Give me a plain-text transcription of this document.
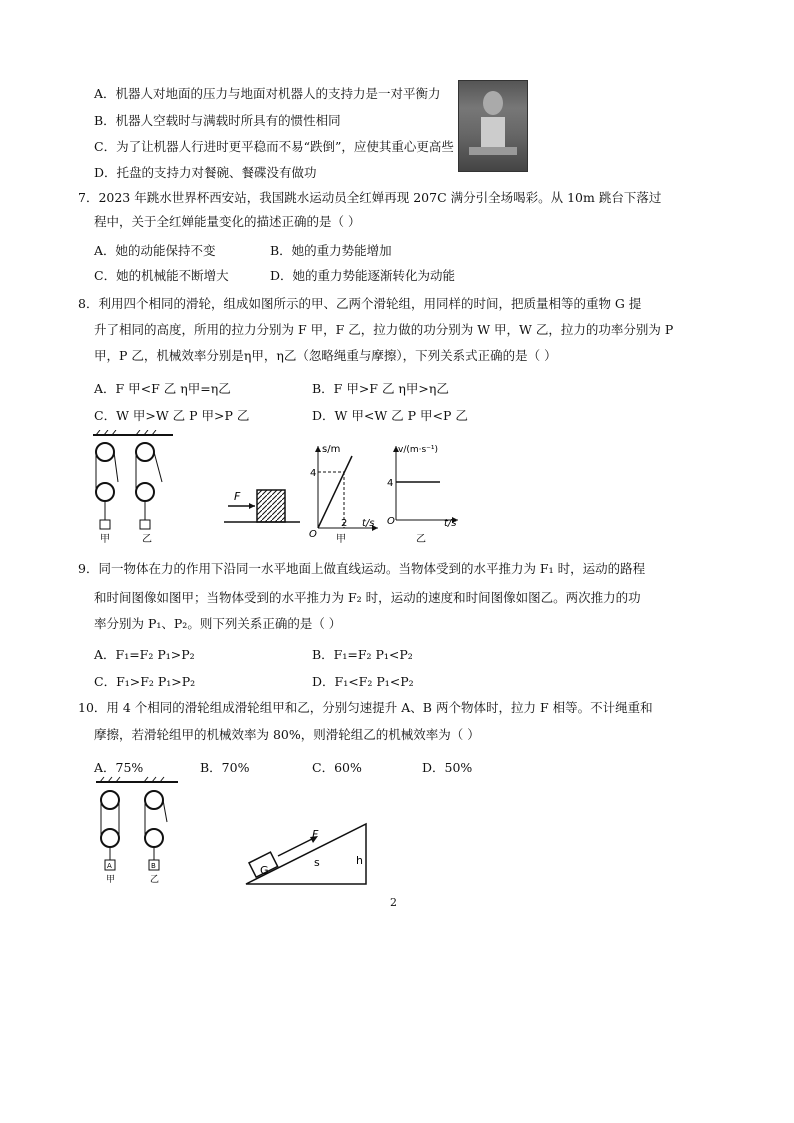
A．机器人对地面的压力与地面对机器人的支持力是一对平衡力
B．机器人空载时与满载时所具有的惯性相同
C．为了让机器人行进时更平稳而不易“跌倒”，应使其重心更高些
D．托盘的支持力对餐碗、餐碟没有做功
7．2023 年跳水世界杯西安站，我国跳水运动员全红婵再现 207C 满分引全场喝彩。从 10m 跳台下落过
程中，关于全红婵能量变化的描述正确的是（ ）
A．她的动能保持不变	B．她的重力势能增加
C．她的机械能不断增大	D．她的重力势能逐渐转化为动能
8．利用四个相同的滑轮，组成如图所示的甲、乙两个滑轮组，用同样的时间，把质量相等的重物 G 提
升了相同的高度，所用的拉力分别为 F 甲，F 乙，拉力做的功分别为 W 甲，W 乙，拉力的功率分别为 P
甲，P 乙，机械效率分别是η甲，η乙（忽略绳重与摩擦），下列关系式正确的是（ ）
A．F 甲<F 乙 η甲=η乙	B．F 甲>F 乙 η甲>η乙
C．W 甲>W 乙 P 甲>P 乙	D．W 甲<W 乙 P 甲<P 乙
甲	乙
F
s/m
4
2
O
t/s
甲
v/(m·s⁻¹)
4
O	t/s
乙
9．同一物体在力的作用下沿同一水平地面上做直线运动。当物体受到的水平推力为 F₁ 时，运动的路程
和时间图像如图甲；当物体受到的水平推力为 F₂ 时，运动的速度和时间图像如图乙。两次推力的功
率分别为 P₁、P₂。则下列关系正确的是（ ）
A．F₁=F₂ P₁>P₂	B．F₁=F₂ P₁<P₂
C．F₁>F₂ P₁>P₂	D．F₁<F₂ P₁<P₂
10．用 4 个相同的滑轮组成滑轮组甲和乙，分别匀速提升 A、B 两个物体时，拉力 F 相等。不计绳重和
摩擦，若滑轮组甲的机械效率为 80%，则滑轮组乙的机械效率为（ ）
A．75%	B．70%	C．60%	D．50%
A
甲
B
乙
G
F
s	h
2
